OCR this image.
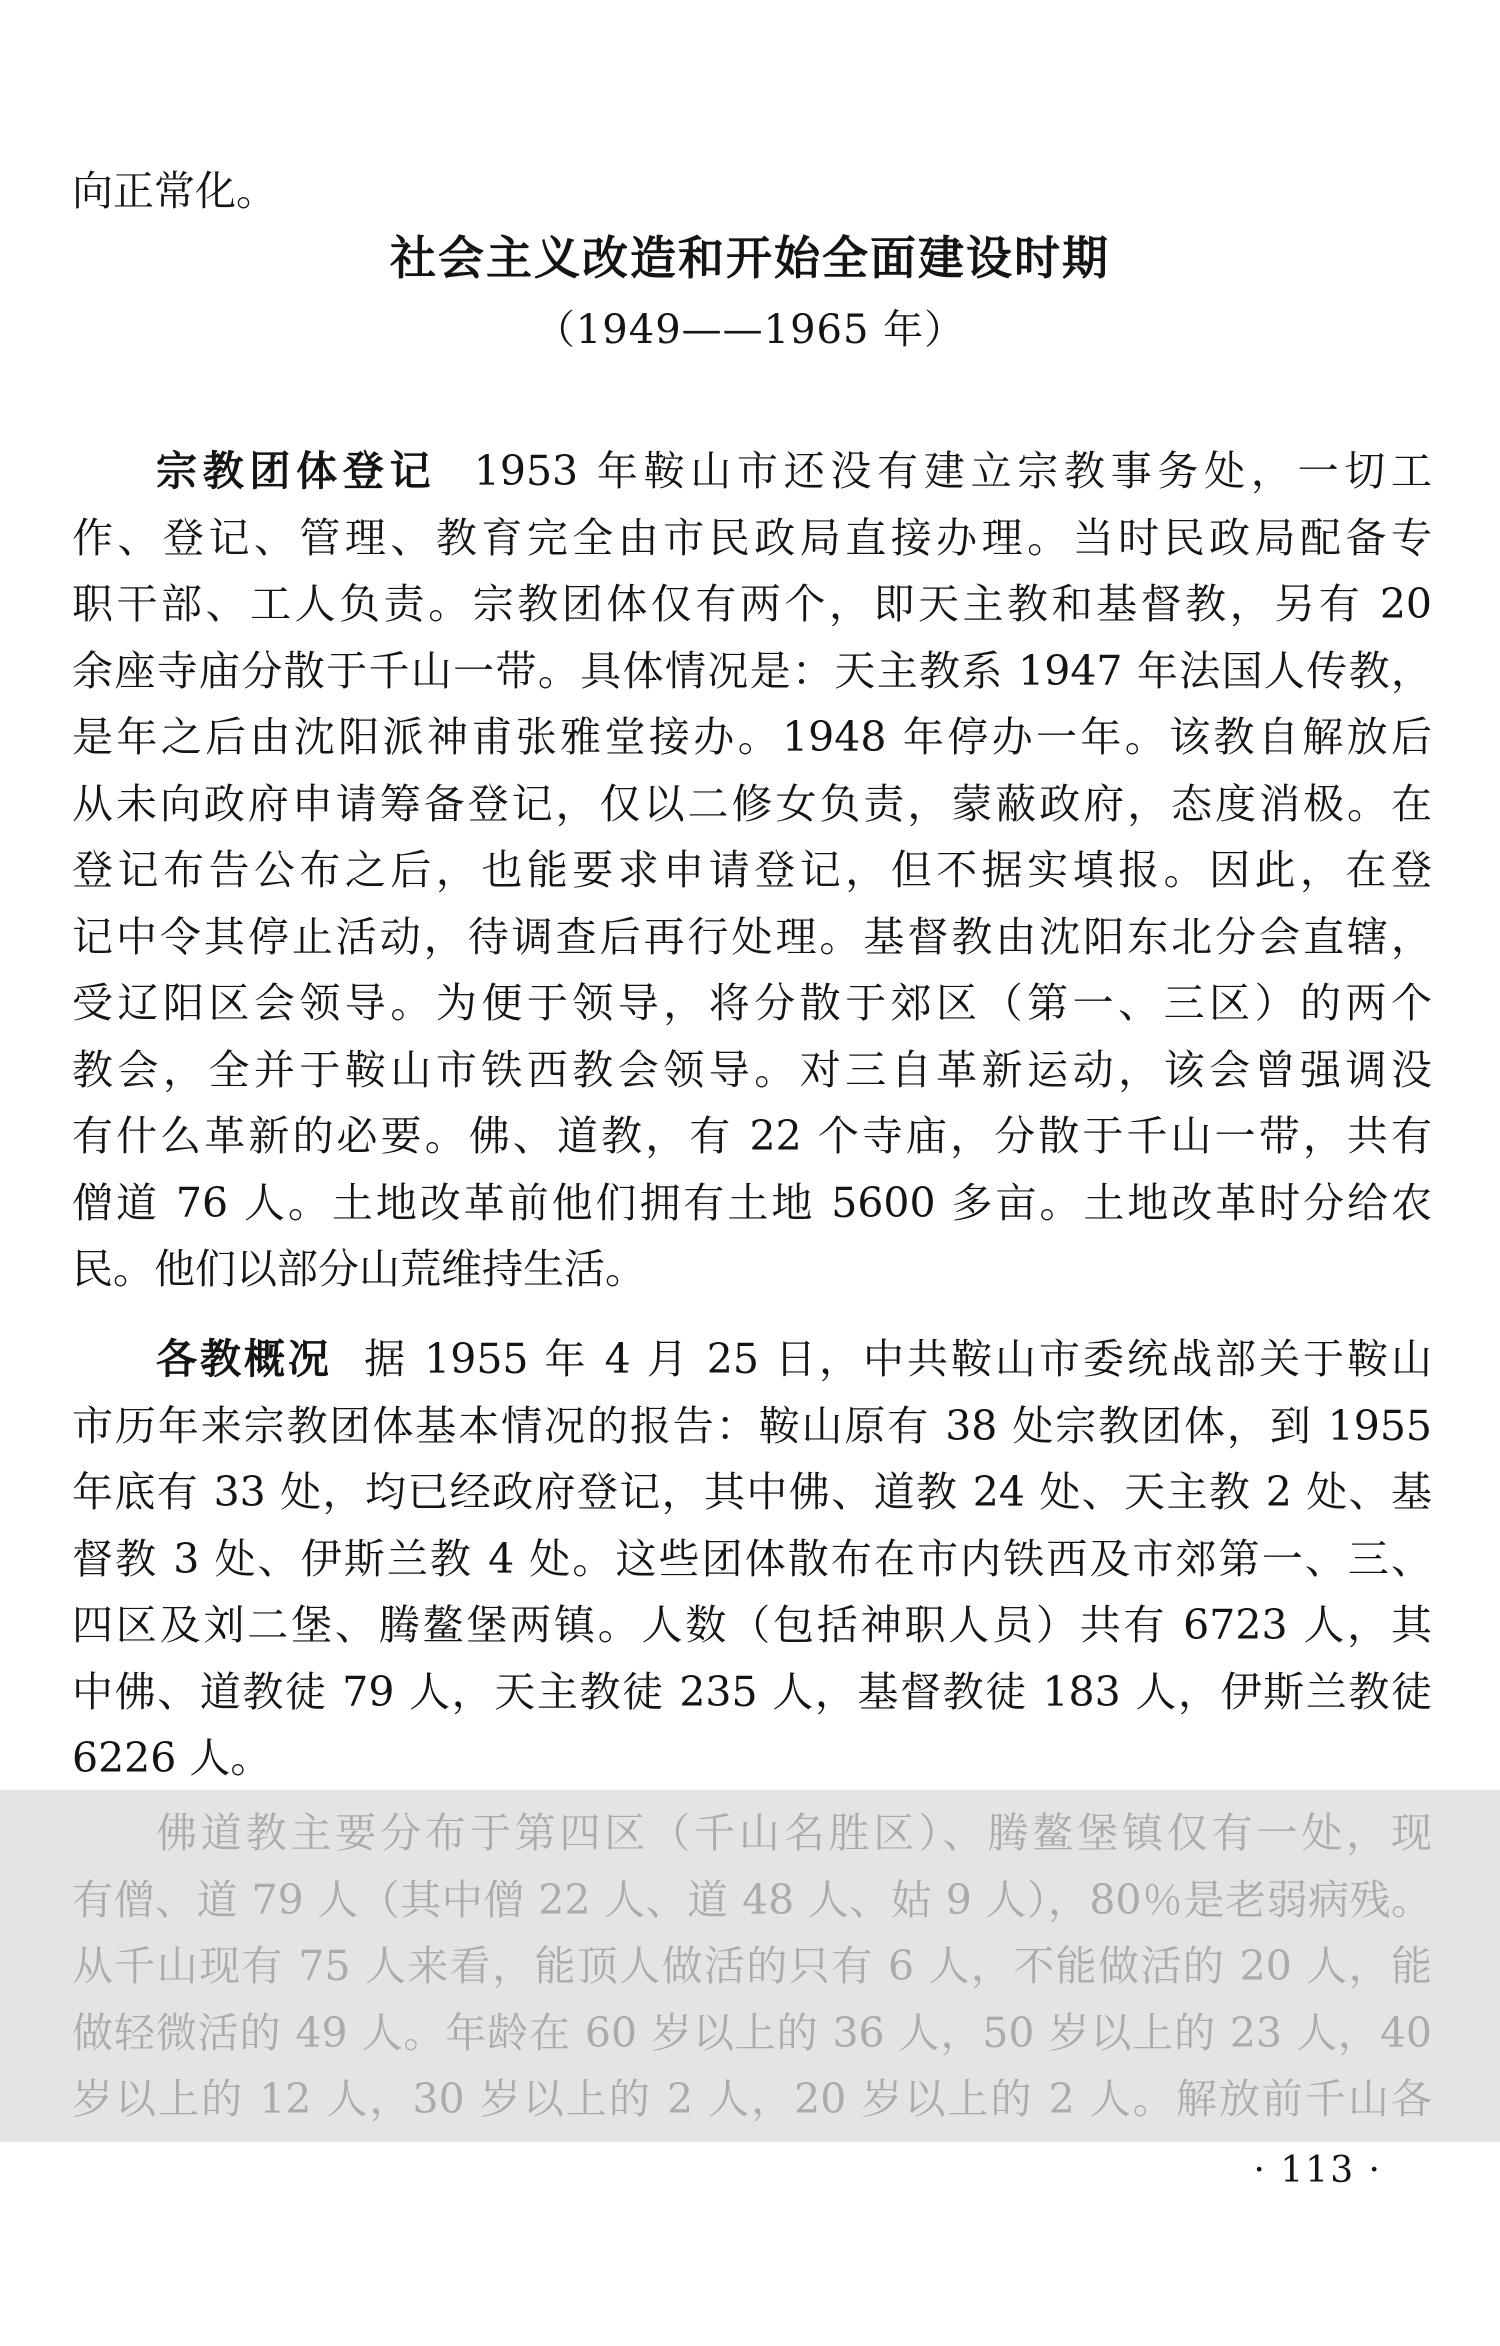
向正常化。
社会主义改造和开始全面建设时期
（1949——1965 年）
宗教团体登记 1953 年鞍山市还没有建立宗教事务处，一切工
作、登记、管理、教育完全由市民政局直接办理。当时民政局配备专
职干部、工人负责。宗教团体仅有两个，即天主教和基督教，另有 20
余座寺庙分散于千山一带。具体情况是：天主教系 1947 年法国人传教，
是年之后由沈阳派神甫张雅堂接办。1948 年停办一年。该教自解放后
从未向政府申请筹备登记，仅以二修女负责，蒙蔽政府，态度消极。在
登记布告公布之后，也能要求申请登记，但不据实填报。因此，在登
记中令其停止活动，待调查后再行处理。基督教由沈阳东北分会直辖，
受辽阳区会领导。为便于领导，将分散于郊区（第一、三区）的两个
教会，全并于鞍山市铁西教会领导。对三自革新运动，该会曾强调没
有什么革新的必要。佛、道教，有 22 个寺庙，分散于千山一带，共有
僧道 76 人。土地改革前他们拥有土地 5600 多亩。土地改革时分给农
民。他们以部分山荒维持生活。
各教概况 据 1955 年 4 月 25 日，中共鞍山市委统战部关于鞍山
市历年来宗教团体基本情况的报告：鞍山原有 38 处宗教团体，到 1955
年底有 33 处，均已经政府登记，其中佛、道教 24 处、天主教 2 处、基
督教 3 处、伊斯兰教 4 处。这些团体散布在市内铁西及市郊第一、三、
四区及刘二堡、腾鳌堡两镇。人数（包括神职人员）共有 6723 人，其
中佛、道教徒 79 人，天主教徒 235 人，基督教徒 183 人，伊斯兰教徒
6226 人。
佛道教主要分布于第四区（千山名胜区）、腾鳌堡镇仅有一处，现
有僧、道 79 人（其中僧 22 人、道 48 人、姑 9 人），80％是老弱病残。
从千山现有 75 人来看，能顶人做活的只有 6 人，不能做活的 20 人，能
做轻微活的 49 人。年龄在 60 岁以上的 36 人，50 岁以上的 23 人，40
岁以上的 12 人，30 岁以上的 2 人，20 岁以上的 2 人。解放前千山各
· 113 ·
